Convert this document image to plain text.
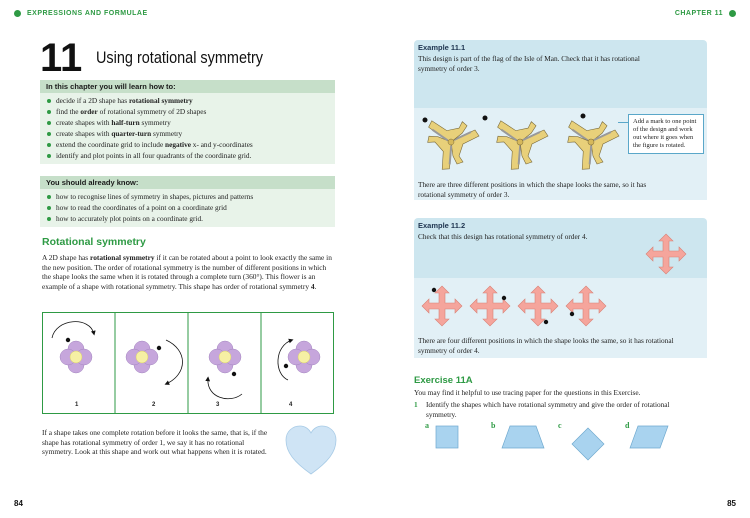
EXPRESSIONS AND FORMULAE
11 Using rotational symmetry
In this chapter you will learn how to:
decide if a 2D shape has rotational symmetry
find the order of rotational symmetry of 2D shapes
create shapes with half-turn symmetry
create shapes with quarter-turn symmetry
extend the coordinate grid to include negative x- and y-coordinates
identify and plot points in all four quadrants of the coordinate grid.
You should already know:
how to recognise lines of symmetry in shapes, pictures and patterns
how to read the coordinates of a point on a coordinate grid
how to accurately plot points on a coordinate grid.
Rotational symmetry
A 2D shape has rotational symmetry if it can be rotated about a point to look exactly the same in the new position. The order of rotational symmetry is the number of different positions in which the shape looks the same when it is rotated through a complete turn (360°). This flower is an example of a shape with rotational symmetry. This shape has order of rotational symmetry 4.
1	2	3	4
If a shape takes one complete rotation before it looks the same, that is, if the shape has rotational symmetry of order 1, we say it has no rotational symmetry. Look at this shape and work out what happens when it is rotated.
84
CHAPTER 11
Example 11.1
This design is part of the flag of the Isle of Man. Check that it has rotational symmetry of order 3.
Add a mark to one point of the design and work out where it goes when the figure is rotated.
There are three different positions in which the shape looks the same, so it has rotational symmetry of order 3.
Example 11.2
Check that this design has rotational symmetry of order 4.
There are four different positions in which the shape looks the same, so it has rotational symmetry of order 4.
Exercise 11A
You may find it helpful to use tracing paper for the questions in this Exercise.
1 Identify the shapes which have rotational symmetry and give the order of rotational symmetry.
a	b	c	d
85
